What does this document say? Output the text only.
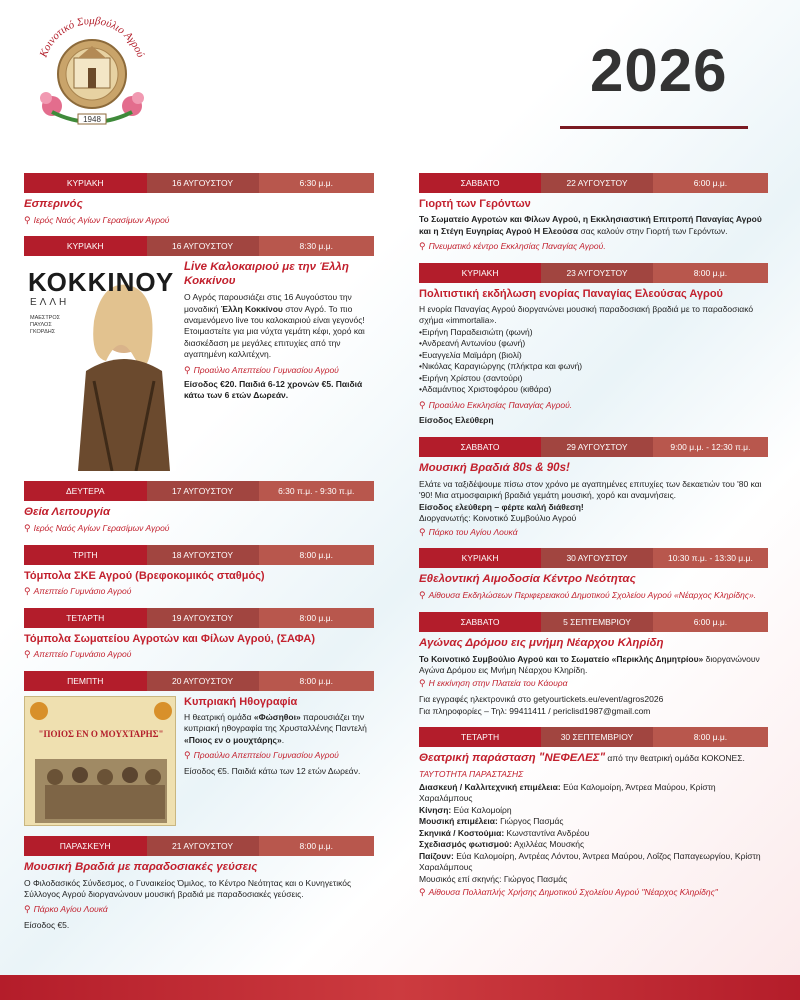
Κοινοτικό Συμβούλιο Αγρού
1948
2026
ΚΥΡΙΑΚΗ	16 ΑΥΓΟΥΣΤΟΥ	6:30 μ.μ.
Εσπερινός
⚲ Ιερός Ναός Αγίων Γερασίμων Αγρού
ΚΥΡΙΑΚΗ	16 ΑΥΓΟΥΣΤΟΥ	8:30 μ.μ.
ΚΟΚΚΙΝΟΥ
ΕΛΛΗ
ΜΑΕΣΤΡΟΣ
ΠΑΥΛΟΣ
ΓΚΟΡΔΗΣ
Live Καλοκαιριού με την Έλλη Κοκκίνου
Ο Αγρός παρουσιάζει στις 16 Αυγούστου την μοναδική Έλλη Κοκκίνου στον Αγρό. Το πιο αναμενόμενο live του καλοκαιριού είναι γεγονός! Ετοιμαστείτε για μια νύχτα γεμάτη κέφι, χορό και διασκέδαση με μεγάλες επιτυχίες από την αγαπημένη καλλιτέχνη.
⚲ Προαύλιο Απεπτείου Γυμνασίου Αγρού
Είσοδος €20. Παιδιά 6-12 χρονών €5. Παιδιά κάτω των 6 ετών Δωρεάν.
ΔΕΥΤΕΡΑ	17 ΑΥΓΟΥΣΤΟΥ	6:30 π.μ. - 9:30 π.μ.
Θεία Λειτουργία
⚲ Ιερός Ναός Αγίων Γερασίμων Αγρού
ΤΡΙΤΗ	18 ΑΥΓΟΥΣΤΟΥ	8:00 μ.μ.
Τόμπολα ΣΚΕ Αγρού (Βρεφοκομικός σταθμός)
⚲ Απεπτείο Γυμνάσιο Αγρού
ΤΕΤΑΡΤΗ	19 ΑΥΓΟΥΣΤΟΥ	8:00 μ.μ.
Τόμπολα Σωματείου Αγροτών και Φίλων Αγρού, (ΣΑΦΑ)
⚲ Απεπτείο Γυμνάσιο Αγρού
ΠΕΜΠΤΗ	20 ΑΥΓΟΥΣΤΟΥ	8:00 μ.μ.
"ΠΟΙΟΣ ΕΝ Ο ΜΟΥΧΤΑΡΗΣ"
Κυπριακή Ηθογραφία
Η θεατρική ομάδα «Φώσηθοι» παρουσιάζει την κυπριακή ηθογραφία της Χρυσταλλένης Παντελή «Ποιος εν ο μουχτάρης».
⚲ Προαύλιο Απεπτείου Γυμνασίου Αγρού
Είσοδος €5. Παιδιά κάτω των 12 ετών Δωρεάν.
ΠΑΡΑΣΚΕΥΗ	21 ΑΥΓΟΥΣΤΟΥ	8:00 μ.μ.
Μουσική Βραδιά με παραδοσιακές γεύσεις
Ο Φιλοδασικός Σύνδεσμος, ο Γυναικείος Όμιλος, το Κέντρο Νεότητας και ο Κυνηγετικός Σύλλογος Αγρού διοργανώνουν μουσική βραδιά με παραδοσιακές γεύσεις.
⚲ Πάρκο Αγίου Λουκά
Είσοδος €5.
ΣΑΒΒΑΤΟ	22 ΑΥΓΟΥΣΤΟΥ	6:00 μ.μ.
Γιορτή των Γερόντων
Το Σωματείο Αγροτών και Φίλων Αγρού, η Εκκλησιαστική Επιτροπή Παναγίας Αγρού και η Στέγη Ευγηρίας Αγρού Η Ελεούσα σας καλούν στην Γιορτή των Γερόντων.
⚲ Πνευματικό κέντρο Εκκλησίας Παναγίας Αγρού.
ΚΥΡΙΑΚΗ	23 ΑΥΓΟΥΣΤΟΥ	8:00 μ.μ.
Πολιτιστική εκδήλωση ενορίας Παναγίας Ελεούσας Αγρού
Η ενορία Παναγίας Αγρού διοργανώνει μουσική παραδοσιακή βραδιά με το παραδοσιακό σχήμα «immortalia».
•Ειρήνη Παραδεισιώτη (φωνή)
•Ανδρεανή Αντωνίου (φωνή)
•Ευαγγελία Μαϊμάρη (βιολί)
•Νικόλας Καραγιώργης (πλήκτρα και φωνή)
•Ειρήνη Χρίστου (σαντούρι)
•Αδαμάντιος Χριστοφόρου (κιθάρα)
⚲ Προαύλιο Εκκλησίας Παναγίας Αγρού.
Είσοδος Ελεύθερη
ΣΑΒΒΑΤΟ	29 ΑΥΓΟΥΣΤΟΥ	9:00 μ.μ. - 12:30 π.μ.
Μουσική Βραδιά 80s & 90s!
Ελάτε να ταξιδέψουμε πίσω στον χρόνο με αγαπημένες επιτυχίες των δεκαετιών του '80 και '90! Μια ατμοσφαιρική βραδιά γεμάτη μουσική, χορό και αναμνήσεις.
Είσοδος ελεύθερη – φέρτε καλή διάθεση!
Διοργανωτής: Κοινοτικό Συμβούλιο Αγρού
⚲ Πάρκο του Αγίου Λουκά
ΚΥΡΙΑΚΗ	30 ΑΥΓΟΥΣΤΟΥ	10:30 π.μ. - 13:30 μ.μ.
Εθελοντική Αιμοδοσία Κέντρο Νεότητας
⚲ Αίθουσα Εκδηλώσεων Περιφερειακού Δημοτικού Σχολείου Αγρού «Νέαρχος Κληρίδης».
ΣΑΒΒΑΤΟ	5 ΣΕΠΤΕΜΒΡΙΟΥ	6:00 μ.μ.
Αγώνας Δρόμου εις μνήμη Νέαρχου Κληρίδη
Το Κοινοτικό Συμβούλιο Αγρού και το Σωματείο «Περικλής Δημητρίου» διοργανώνουν Αγώνα Δρόμου εις Μνήμη Νέαρχου Κληρίδη.
⚲ Η εκκίνηση στην Πλατεία του Κάουρα
Για εγγραφές ηλεκτρονικά στο getyourtickets.eu/event/agros2026
Για πληροφορίες – Τηλ: 99411411 / periclisd1987@gmail.com
ΤΕΤΑΡΤΗ	30 ΣΕΠΤΕΜΒΡΙΟΥ	8:00 μ.μ.
Θεατρική παράσταση "ΝΕΦΕΛΕΣ" από την θεατρική ομάδα ΚΟΚΟΝΕΣ.
ΤΑΥΤΟΤΗΤΑ ΠΑΡΑΣΤΑΣΗΣ
Διασκευή / Καλλιτεχνική επιμέλεια: Εύα Καλομοίρη, Άντρεα Μαύρου, Κρίστη Χαραλάμπους
Κίνηση: Εύα Καλομοίρη
Μουσική επιμέλεια: Γιώργος Πασμάς
Σκηνικά / Κοστούμια: Κωνσταντίνα Ανδρέου
Σχεδιασμός φωτισμού: Αχιλλέας Μουσκής
Παίζουν: Εύα Καλομοίρη, Αντρέας Λόντου, Άντρεα Μαύρου, Λοΐζος Παπαγεωργίου, Κρίστη Χαραλάμπους
Μουσικός επί σκηνής: Γιώργος Πασμάς
⚲ Αίθουσα Πολλαπλής Χρήσης Δημοτικού Σχολείου Αγρού "Νέαρχος Κληρίδης"
